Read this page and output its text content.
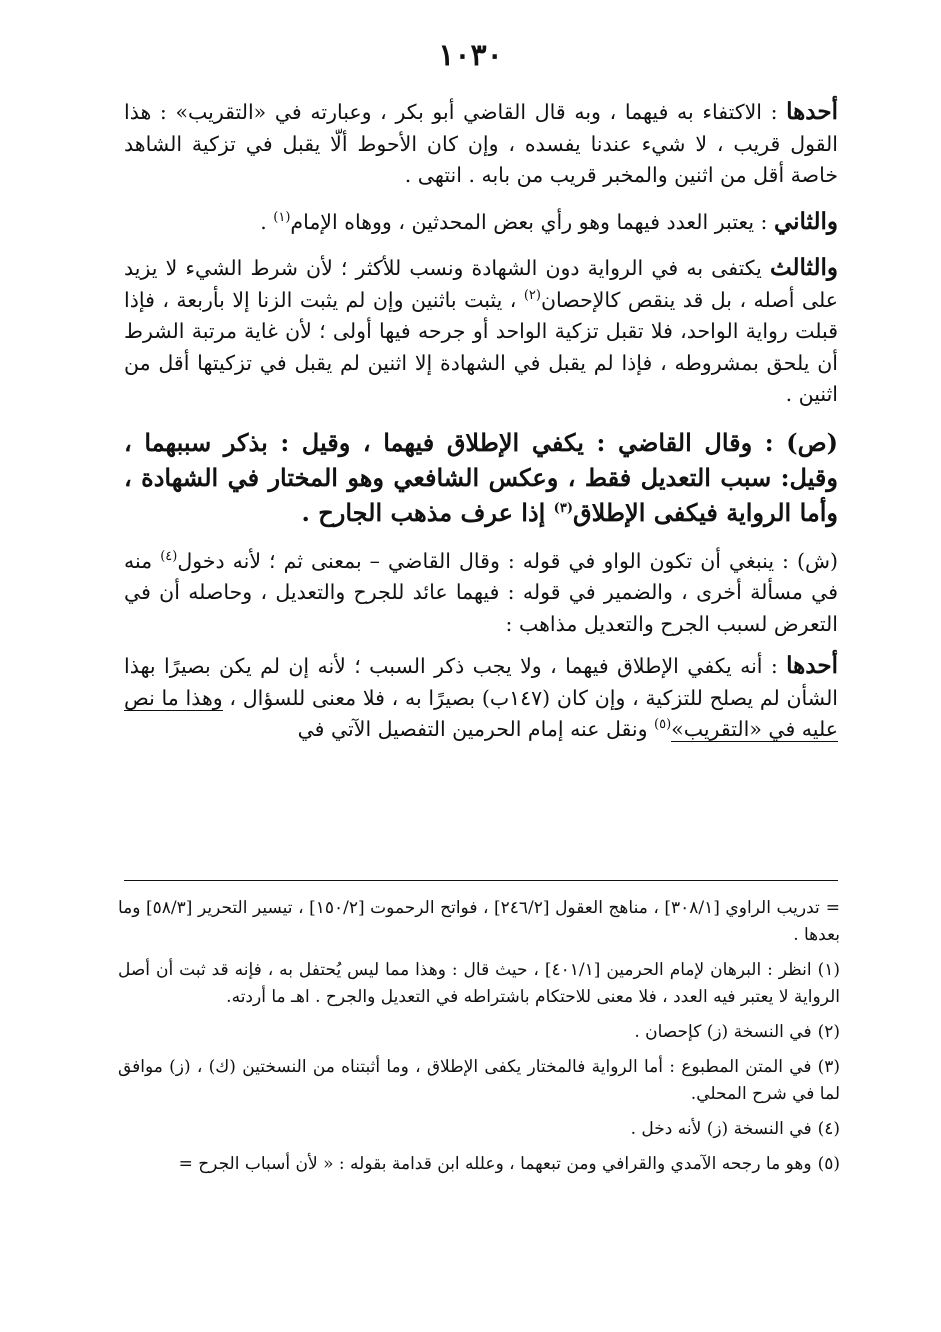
١٠٣٠

أحدها : الاكتفاء به فيهما ، وبه قال القاضي أبو بكر ، وعبارته في «التقريب» : هذا القول قريب ، لا شيء عندنا يفسده ، وإن كان الأحوط ألّا يقبل في تزكية الشاهد خاصة أقل من اثنين والمخبر قريب من بابه . انتهى .

والثاني : يعتبر العدد فيهما وهو رأي بعض المحدثين ، ووهاه الإمام$^{(١)}$ .

والثالث يكتفى به في الرواية دون الشهادة ونسب للأكثر ؛ لأن شرط الشيء لا يزيد على أصله ، بل قد ينقص كالإحصان$^{(٢)}$ ، يثبت باثنين وإن لم يثبت الزنا إلا بأربعة ، فإذا قبلت رواية الواحد، فلا تقبل تزكية الواحد أو جرحه فيها أولى ؛ لأن غاية مرتبة الشرط أن يلحق بمشروطه ، فإذا لم يقبل في الشهادة إلا اثنين لم يقبل في تزكيتها أقل من اثنين .

(ص) : وقال القاضي : يكفي الإطلاق فيهما ، وقيل : بذكر سببهما ، وقيل: سبب التعديل فقط ، وعكس الشافعي وهو المختار في الشهادة ، وأما الرواية فيكفى الإطلاق$^{(٣)}$ إذا عرف مذهب الجارح .

(ش) : ينبغي أن تكون الواو في قوله : وقال القاضي – بمعنى ثم ؛ لأنه دخول$^{(٤)}$ منه في مسألة أخرى ، والضمير في قوله : فيهما عائد للجرح والتعديل ، وحاصله أن في التعرض لسبب الجرح والتعديل مذاهب :

أحدها : أنه يكفي الإطلاق فيهما ، ولا يجب ذكر السبب ؛ لأنه إن لم يكن بصيرًا بهذا الشأن لم يصلح للتزكية ، وإن كان (١٤٧ب) بصيرًا به ، فلا معنى للسؤال ، وهذا ما نص عليه في «التقريب»$^{(٥)}$ ونقل عنه إمام الحرمين التفصيل الآتي في

=تدريب الراوي [٣٠٨/١] ، مناهج العقول [٢٤٦/٢] ، فواتح الرحموت [١٥٠/٢] ، تيسير التحرير [٥٨/٣] وما بعدها .

(١)انظر : البرهان لإمام الحرمين [٤٠١/١] ، حيث قال : وهذا مما ليس يُحتفل به ، فإنه قد ثبت أن أصل الرواية لا يعتبر فيه العدد ، فلا معنى للاحتكام باشتراطه في التعديل والجرح . اهـ ما أردته.

(٢)في النسخة (ز) كإحصان .

(٣)في المتن المطبوع : أما الرواية فالمختار يكفى الإطلاق ، وما أثبتناه من النسختين (ك) ، (ز) موافق لما في شرح المحلي.

(٤)في النسخة (ز) لأنه دخل .

(٥)وهو ما رجحه الآمدي والقرافي ومن تبعهما ، وعلله ابن قدامة بقوله : « لأن أسباب الجرح =
